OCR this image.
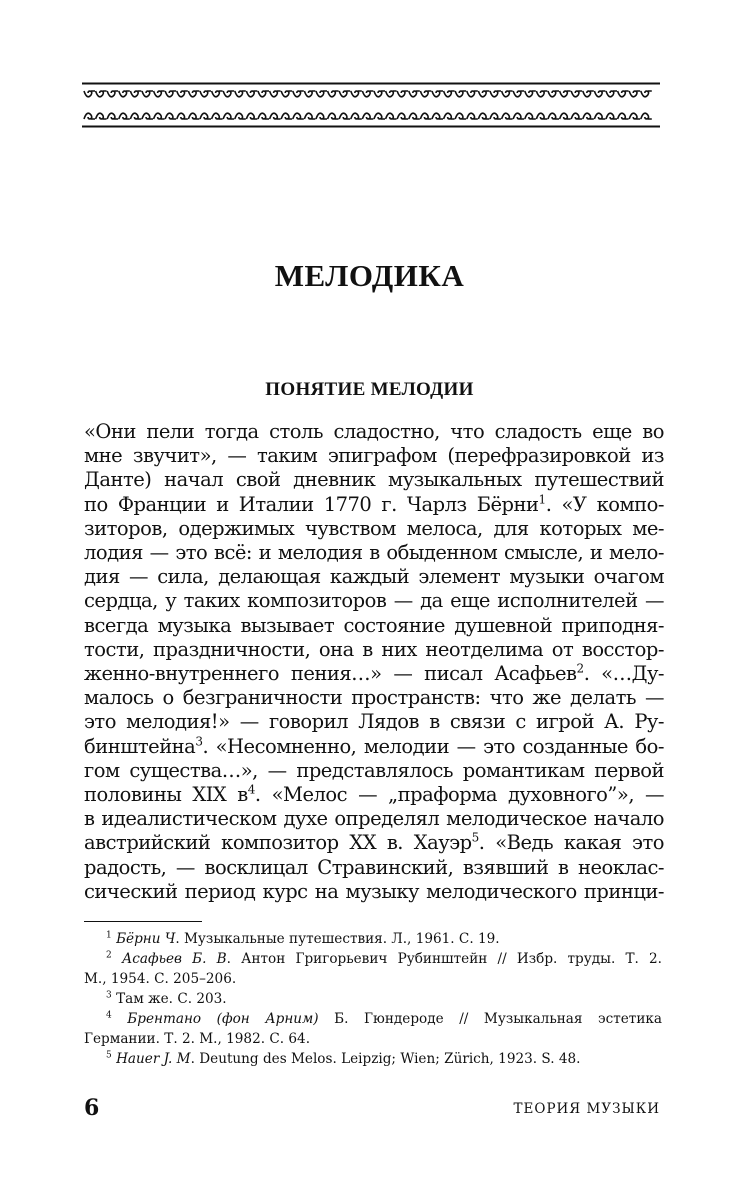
МЕЛОДИКА
ПОНЯТИЕ МЕЛОДИИ
«Они пели тогда столь сладостно, что сладость еще во
мне звучит», — таким эпиграфом (перефразировкой из
Данте) начал свой дневник музыкальных путешествий
по Франции и Италии 1770 г. Чарлз Бёрни$^1$. «У компо-
зиторов, одержимых чувством мелоса, для которых ме-
лодия — это всё: и мелодия в обыденном смысле, и мело-
дия — сила, делающая каждый элемент музыки очагом
сердца, у таких композиторов — да еще исполнителей —
всегда музыка вызывает состояние душевной приподня-
тости, праздничности, она в них неотделима от восстор-
женно-внутреннего пения…» — писал Асафьев$^2$. «…Ду-
малось о безграничности пространств: что же делать —
это мелодия!» — говорил Лядов в связи с игрой А. Ру-
бинштейна$^3$. «Несомненно, мелодии — это созданные бо-
гом существа…», — представлялось романтикам первой
половины XIX $в^4$. «Мелос — „праформа духовного”», —
в идеалистическом духе определял мелодическое начало
австрийский композитор XX в. Хауэр$^5$. «Ведь какая это
радость, — восклицал Стравинский, взявший в неоклас-
сический период курс на музыку мелодического принци-
$^1$ Бёрни Ч. Музыкальные путешествия. Л., 1961. С. 19.
$^2$ Асафьев Б. В. Антон Григорьевич Рубинштейн // Избр. труды. Т. 2.
М., 1954. С. 205–206.
$^3$ Там же. С. 203.
$^4$ Брентано (фон Арним) Б. Гюндероде // Музыкальная эстетика
Германии. Т. 2. М., 1982. С. 64.
$^5$ Hauer J. M. Deutung des Melos. Leipzig; Wien; Zürich, 1923. S. 48.
6	ТЕОРИЯ МУЗЫКИ
